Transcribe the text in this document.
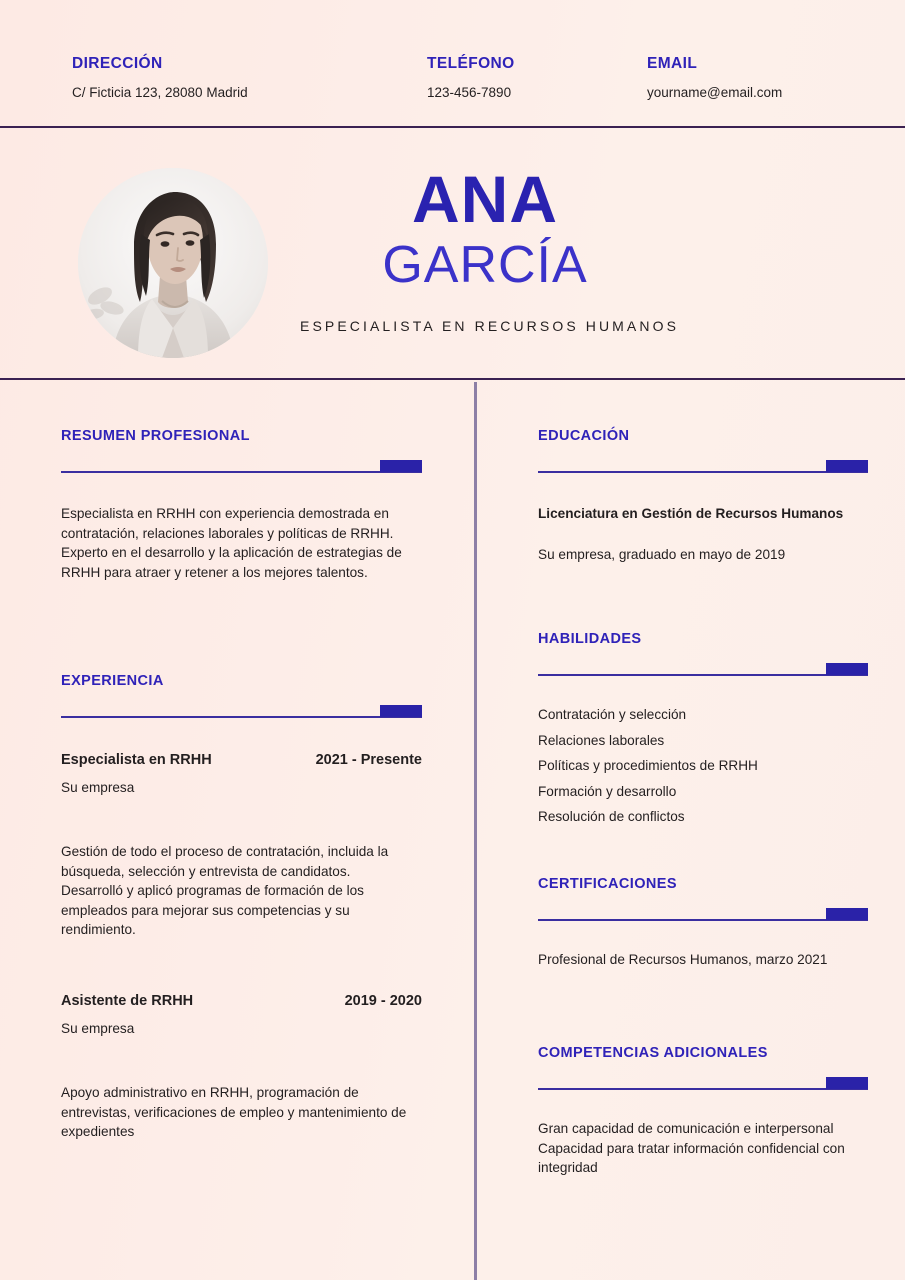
DIRECCIÓN

C/ Ficticia 123, 28080 Madrid

TELÉFONO

123-456-7890

EMAIL

yourname@email.com

ANA
GARCÍA

ESPECIALISTA EN RECURSOS HUMANOS

RESUMEN PROFESIONAL

Especialista en RRHH con experiencia demostrada en contratación, relaciones laborales y políticas de RRHH. Experto en el desarrollo y la aplicación de estrategias de RRHH para atraer y retener a los mejores talentos.

EXPERIENCIA

Especialista en RRHH	2021 - Presente

Su empresa

Gestión de todo el proceso de contratación, incluida la búsqueda, selección y entrevista de candidatos.

Desarrolló y aplicó programas de formación de los empleados para mejorar sus competencias y su rendimiento.

Asistente de RRHH	2019 - 2020

Su empresa

Apoyo administrativo en RRHH, programación de entrevistas, verificaciones de empleo y mantenimiento de expedientes

EDUCACIÓN

Licenciatura en Gestión de Recursos Humanos

Su empresa, graduado en mayo de 2019

HABILIDADES
Contratación y selección
Relaciones laborales
Políticas y procedimientos de RRHH
Formación y desarrollo
Resolución de conflictos
CERTIFICACIONES

Profesional de Recursos Humanos, marzo 2021

COMPETENCIAS ADICIONALES

Gran capacidad de comunicación e interpersonal

Capacidad para tratar información confidencial con integridad
